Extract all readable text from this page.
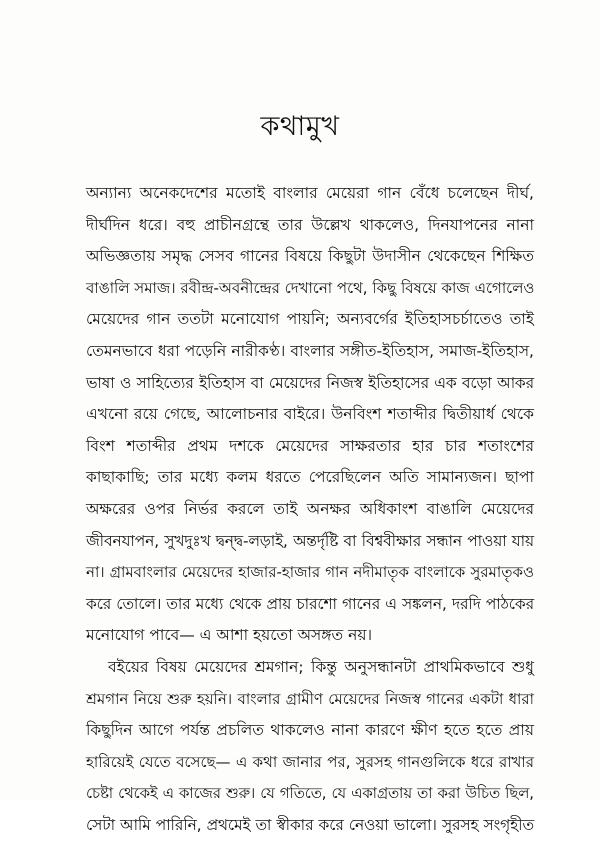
কথামুখ

অন্যান্য অনেকদেশের মতোই বাংলার মেয়েরা গান বেঁধে চলেছেন দীর্ঘ,
দীর্ঘদিন ধরে। বহু প্রাচীনগ্রন্থে তার উল্লেখ থাকলেও, দিনযাপনের নানা
অভিজ্ঞতায় সমৃদ্ধ সেসব গানের বিষয়ে কিছুটা উদাসীন থেকেছেন শিক্ষিত
বাঙালি সমাজ। রবীন্দ্র-অবনীন্দ্রের দেখানো পথে, কিছু বিষয়ে কাজ এগোলেও
মেয়েদের গান ততটা মনোযোগ পায়নি; অন্যবর্গের ইতিহাসচর্চাতেও তাই
তেমনভাবে ধরা পড়েনি নারীকণ্ঠ। বাংলার সঙ্গীত-ইতিহাস, সমাজ-ইতিহাস,
ভাষা ও সাহিত্যের ইতিহাস বা মেয়েদের নিজস্ব ইতিহাসের এক বড়ো আকর
এখনো রয়ে গেছে, আলোচনার বাইরে। উনবিংশ শতাব্দীর দ্বিতীয়ার্ধ থেকে
বিংশ শতাব্দীর প্রথম দশকে মেয়েদের সাক্ষরতার হার চার শতাংশের
কাছাকাছি; তার মধ্যে কলম ধরতে পেরেছিলেন অতি সামান্যজন। ছাপা
অক্ষরের ওপর নির্ভর করলে তাই অনক্ষর অধিকাংশ বাঙালি মেয়েদের
জীবনযাপন, সুখদুঃখ দ্বন্দ্ব-লড়াই, অন্তর্দৃষ্টি বা বিশ্ববীক্ষার সন্ধান পাওয়া যায়
না। গ্রামবাংলার মেয়েদের হাজার-হাজার গান নদীমাতৃক বাংলাকে সুরমাতৃকও
করে তোলে। তার মধ্যে থেকে প্রায় চারশো গানের এ সঙ্কলন, দরদি পাঠকের
মনোযোগ পাবে— এ আশা হয়তো অসঙ্গত নয়।

বইয়ের বিষয় মেয়েদের শ্রমগান; কিন্তু অনুসন্ধানটা প্রাথমিকভাবে শুধু
শ্রমগান নিয়ে শুরু হয়নি। বাংলার গ্রামীণ মেয়েদের নিজস্ব গানের একটা ধারা
কিছুদিন আগে পর্যন্ত প্রচলিত থাকলেও নানা কারণে ক্ষীণ হতে হতে প্রায়
হারিয়েই যেতে বসেছে— এ কথা জানার পর, সুরসহ গানগুলিকে ধরে রাখার
চেষ্টা থেকেই এ কাজের শুরু। যে গতিতে, যে একাগ্রতায় তা করা উচিত ছিল,
সেটা আমি পারিনি, প্রথমেই তা স্বীকার করে নেওয়া ভালো। সুরসহ সংগৃহীত
